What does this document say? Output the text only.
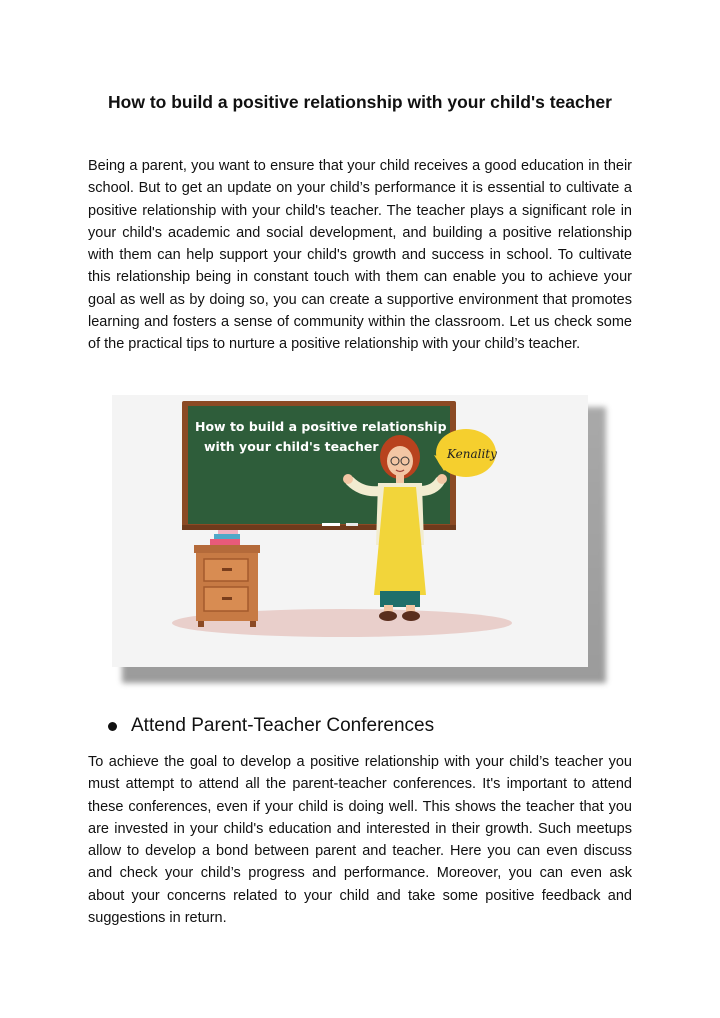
How to build a positive relationship with your child's teacher

Being a parent, you want to ensure that your child receives a good education in their school. But to get an update on your child’s performance it is essential to cultivate a positive relationship with your child's teacher. The teacher plays a significant role in your child's academic and social development, and building a positive relationship with them can help support your child's growth and success in school. To cultivate this relationship being in constant touch with them can enable you to achieve your goal as well as by doing so, you can create a supportive environment that promotes learning and fosters a sense of community within the classroom. Let us check some of the practical tips to nurture a positive relationship with your child’s teacher.

How to build a positive relationship
with your child's teacher	Kenality
Attend Parent-Teacher Conferences

To achieve the goal to develop a positive relationship with your child’s teacher you must attempt to attend all the parent-teacher conferences. It's important to attend these conferences, even if your child is doing well. This shows the teacher that you are invested in your child's education and interested in their growth. Such meetups allow to develop a bond between parent and teacher. Here you can even discuss and check your child’s progress and performance. Moreover, you can even ask about your concerns related to your child and take some positive feedback and suggestions in return.
